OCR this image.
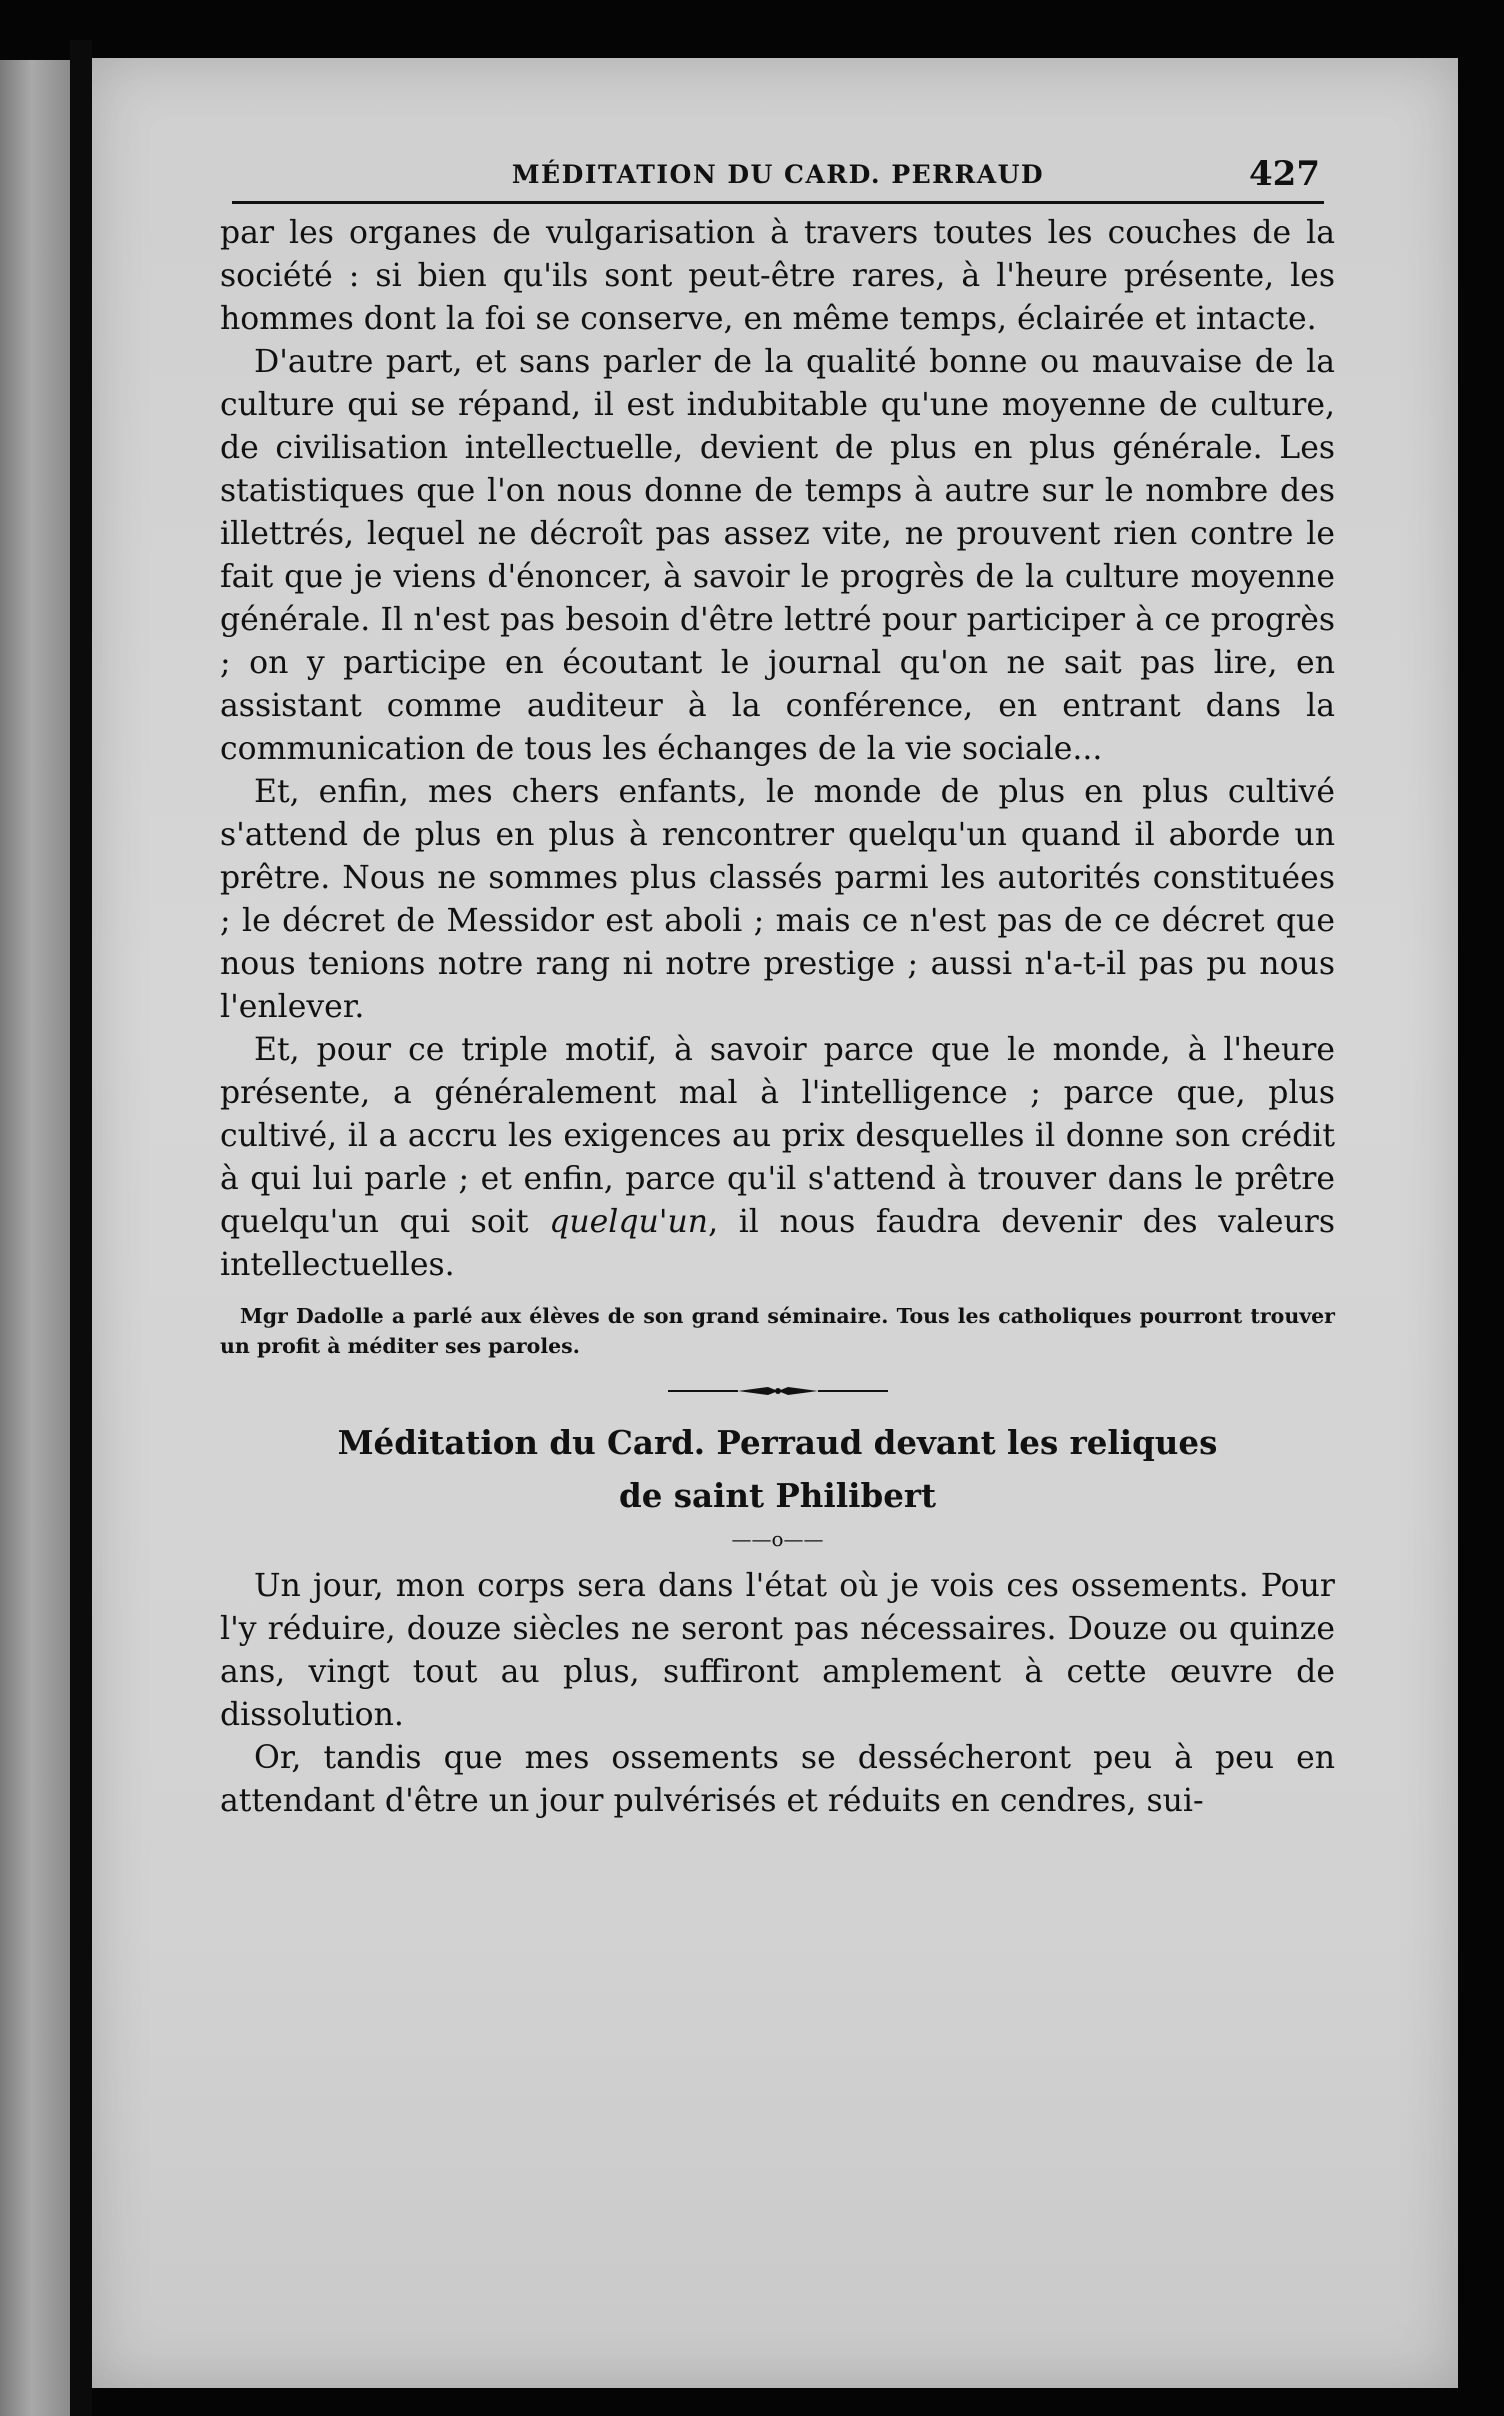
MÉDITATION DU CARD. PERRAUD	427

par les organes de vulgarisation à travers toutes les couches de la société : si bien qu'ils sont peut-être rares, à l'heure présente, les hommes dont la foi se conserve, en même temps, éclairée et intacte.

D'autre part, et sans parler de la qualité bonne ou mauvaise de la culture qui se répand, il est indubitable qu'une moyenne de culture, de civilisation intellectuelle, devient de plus en plus générale. Les statistiques que l'on nous donne de temps à autre sur le nombre des illettrés, lequel ne décroît pas assez vite, ne prouvent rien contre le fait que je viens d'énoncer, à savoir le progrès de la culture moyenne générale. Il n'est pas besoin d'être lettré pour participer à ce progrès ; on y participe en écoutant le journal qu'on ne sait pas lire, en assistant comme auditeur à la conférence, en entrant dans la communication de tous les échanges de la vie sociale...

Et, enfin, mes chers enfants, le monde de plus en plus cultivé s'attend de plus en plus à rencontrer quelqu'un quand il aborde un prêtre. Nous ne sommes plus classés parmi les autorités constituées ; le décret de Messidor est aboli ; mais ce n'est pas de ce décret que nous tenions notre rang ni notre prestige ; aussi n'a-t-il pas pu nous l'enlever.

Et, pour ce triple motif, à savoir parce que le monde, à l'heure présente, a généralement mal à l'intelligence ; parce que, plus cultivé, il a accru les exigences au prix desquelles il donne son crédit à qui lui parle ; et enfin, parce qu'il s'attend à trouver dans le prêtre quelqu'un qui soit quelqu'un, il nous faudra devenir des valeurs intellectuelles.

Mgr Dadolle a parlé aux élèves de son grand séminaire. Tous les catholiques pourront trouver un profit à méditer ses paroles.

Méditation du Card. Perraud devant les reliques

de saint Philibert

——o——

Un jour, mon corps sera dans l'état où je vois ces ossements. Pour l'y réduire, douze siècles ne seront pas nécessaires. Douze ou quinze ans, vingt tout au plus, suffiront amplement à cette œuvre de dissolution.

Or, tandis que mes ossements se dessécheront peu à peu en attendant d'être un jour pulvérisés et réduits en cendres, sui-
